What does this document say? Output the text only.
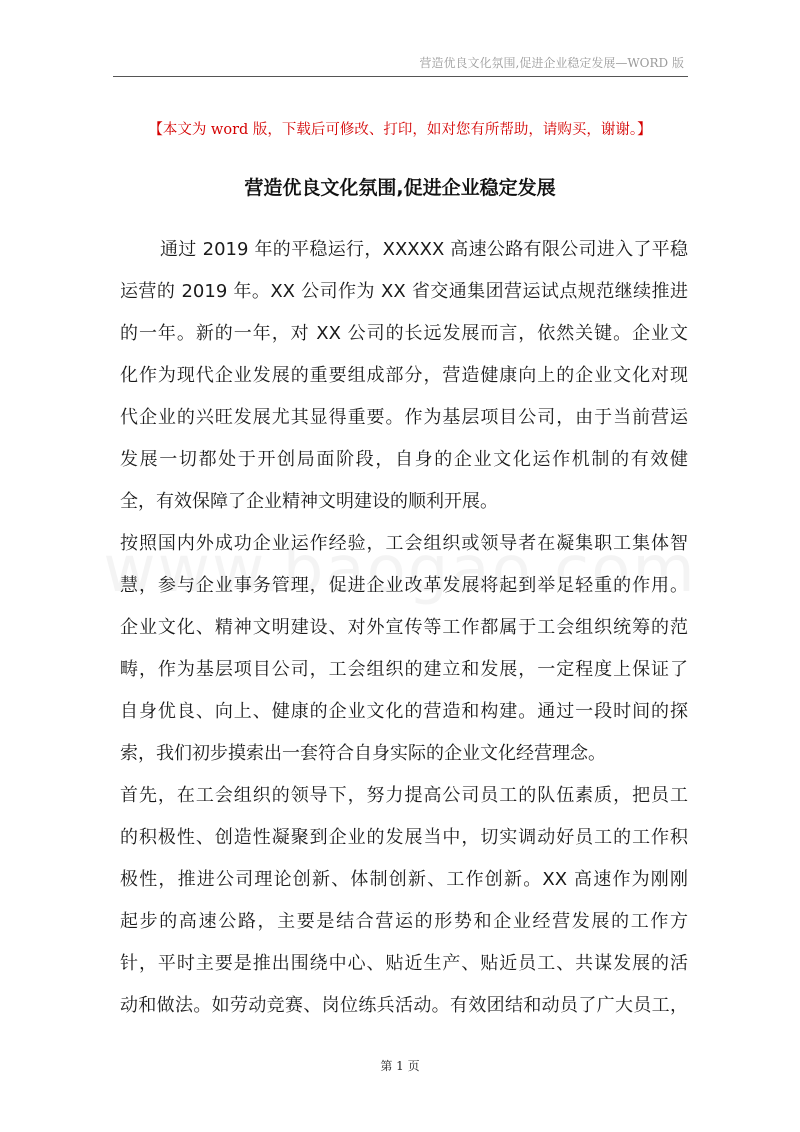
营造优良文化氛围,促进企业稳定发展—WORD 版
【本文为 word 版，下载后可修改、打印，如对您有所帮助，请购买，谢谢。】
营造优良文化氛围,促进企业稳定发展
通过 2019 年的平稳运行，XXXXX 高速公路有限公司进入了平稳
运营的 2019 年。XX 公司作为 XX 省交通集团营运试点规范继续推进
的一年。新的一年，对 XX 公司的长远发展而言，依然关键。企业文
化作为现代企业发展的重要组成部分，营造健康向上的企业文化对现
代企业的兴旺发展尤其显得重要。作为基层项目公司，由于当前营运
发展一切都处于开创局面阶段，自身的企业文化运作机制的有效健
全，有效保障了企业精神文明建设的顺利开展。
按照国内外成功企业运作经验，工会组织或领导者在凝集职工集体智
慧，参与企业事务管理，促进企业改革发展将起到举足轻重的作用。
企业文化、精神文明建设、对外宣传等工作都属于工会组织统筹的范
畴，作为基层项目公司，工会组织的建立和发展，一定程度上保证了
自身优良、向上、健康的企业文化的营造和构建。通过一段时间的探
索，我们初步摸索出一套符合自身实际的企业文化经营理念。
首先，在工会组织的领导下，努力提高公司员工的队伍素质，把员工
的积极性、创造性凝聚到企业的发展当中，切实调动好员工的工作积
极性，推进公司理论创新、体制创新、工作创新。XX 高速作为刚刚
起步的高速公路，主要是结合营运的形势和企业经营发展的工作方
针，平时主要是推出围绕中心、贴近生产、贴近员工、共谋发展的活
动和做法。如劳动竞赛、岗位练兵活动。有效团结和动员了广大员工，
第 1 页
